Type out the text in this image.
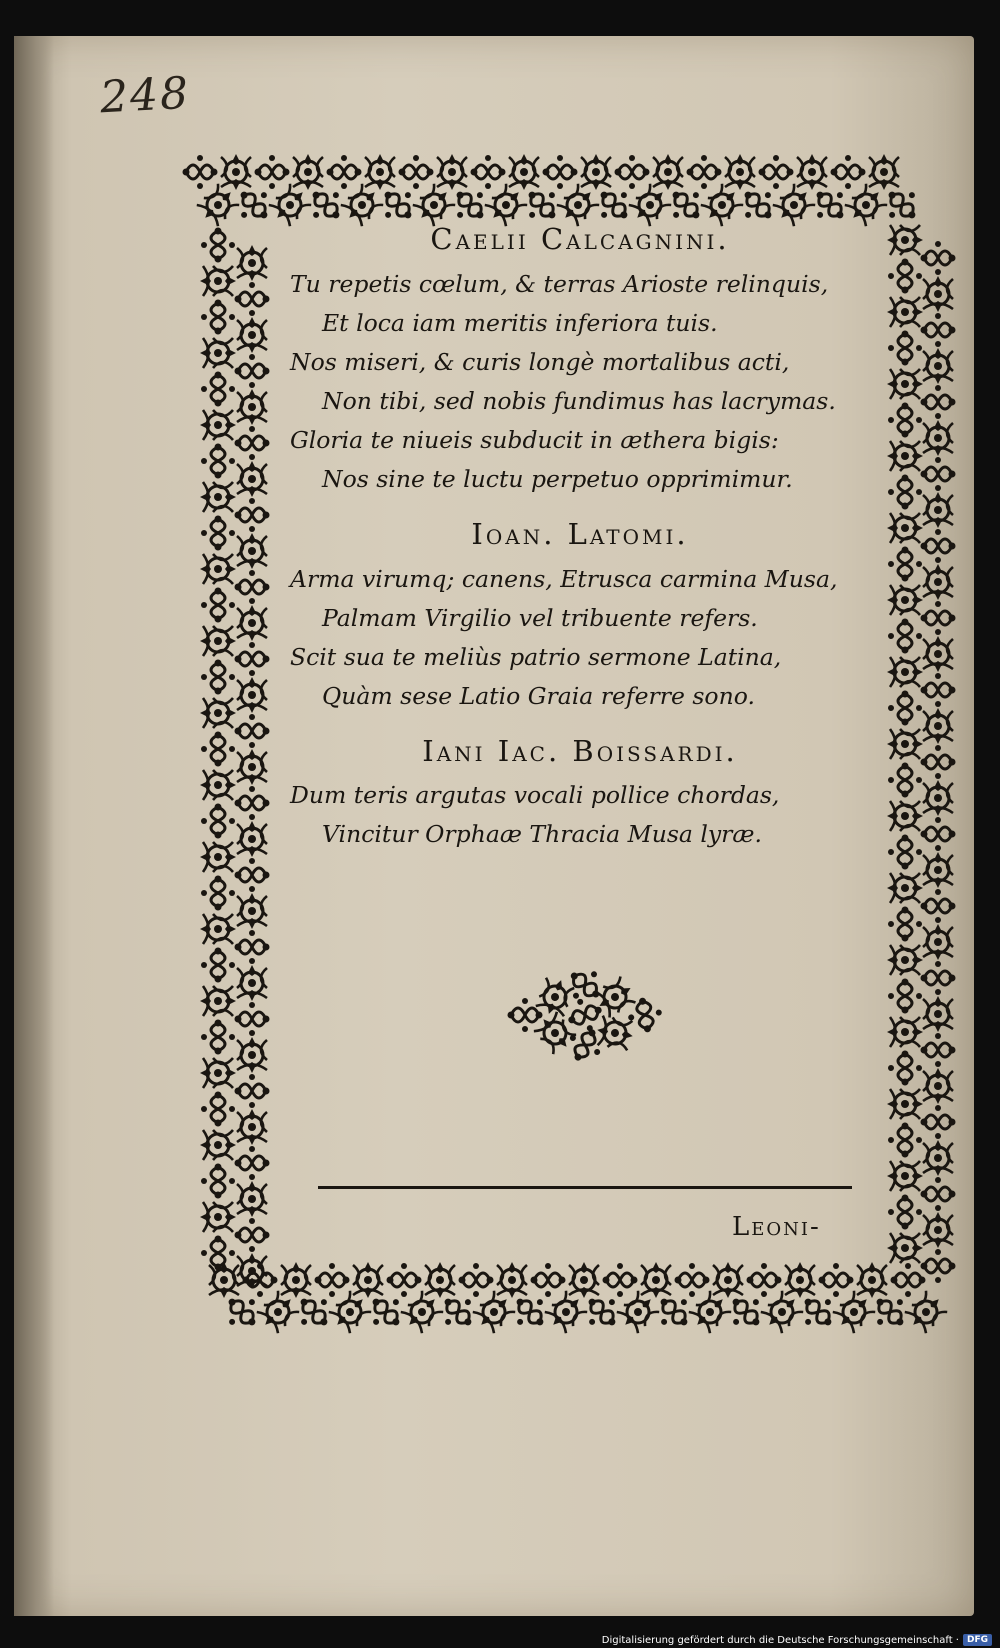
248
Caelii Calcagnini.
Tu repetis cœlum, & terras Arioste relinquis,
Et loca iam meritis inferiora tuis.
Nos miseri, & curis longè mortalibus acti,
Non tibi, sed nobis fundimus has lacrymas.
Gloria te niueis subducit in æthera bigis:
Nos sine te luctu perpetuo opprimimur.
Ioan. Latomi.
Arma virumq; canens, Etrusca carmina Musa,
Palmam Virgilio vel tribuente refers.
Scit sua te meliùs patrio sermone Latina,
Quàm sese Latio Graia referre sono.
Iani Iac. Boissardi.
Dum teris argutas vocali pollice chordas,
Vincitur Orphaæ Thracia Musa lyræ.
Leoni-
Digitalisierung gefördert durch die Deutsche Forschungsgemeinschaft · DFG
